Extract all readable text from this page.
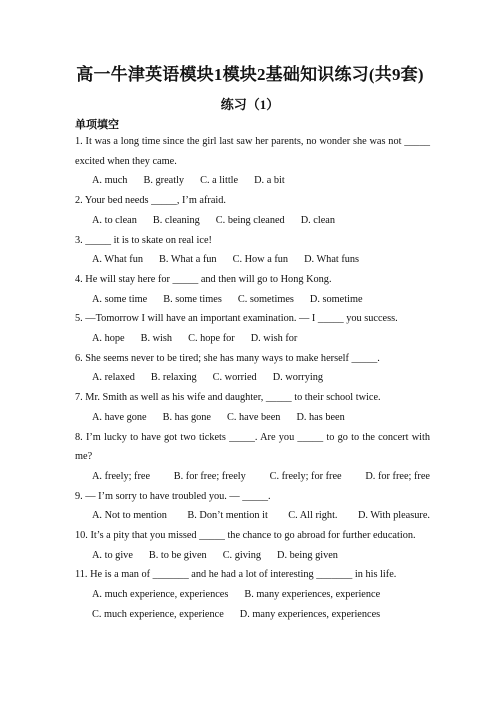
高一牛津英语模块1模块2基础知识练习(共9套)
练习（1）
单项填空
1. It was a long time since the girl last saw her parents, no wonder she was not _____ excited when they came.
A. much B. greatly C. a little D. a bit
2. Your bed needs _____, I’m afraid.
A. to clean B. cleaning C. being cleaned D. clean
3. _____ it is to skate on real ice!
A. What fun B. What a fun C. How a fun D. What funs
4. He will stay here for _____ and then will go to Hong Kong.
A. some time B. some times C. sometimes D. sometime
5. —Tomorrow I will have an important examination. — I _____ you success.
A. hope B. wish C. hope for D. wish for
6. She seems never to be tired; she has many ways to make herself _____.
A. relaxed B. relaxing C. worried D. worrying
7. Mr. Smith as well as his wife and daughter, _____ to their school twice.
A. have gone B. has gone C. have been D. has been
8. I’m lucky to have got two tickets _____. Are you _____ to go to the concert with me?
A. freely; free B. for free; freely C. freely; for free D. for free; free
9. — I’m sorry to have troubled you. — _____.
A. Not to mention B. Don’t mention it C. All right. D. With pleasure.
10. It’s a pity that you missed _____ the chance to go abroad for further education.
A. to give B. to be given C. giving D. being given
11. He is a man of _______ and he had a lot of interesting _______ in his life.
A. much experience, experiences B. many experiences, experience
C. much experience, experience D. many experiences, experiences
